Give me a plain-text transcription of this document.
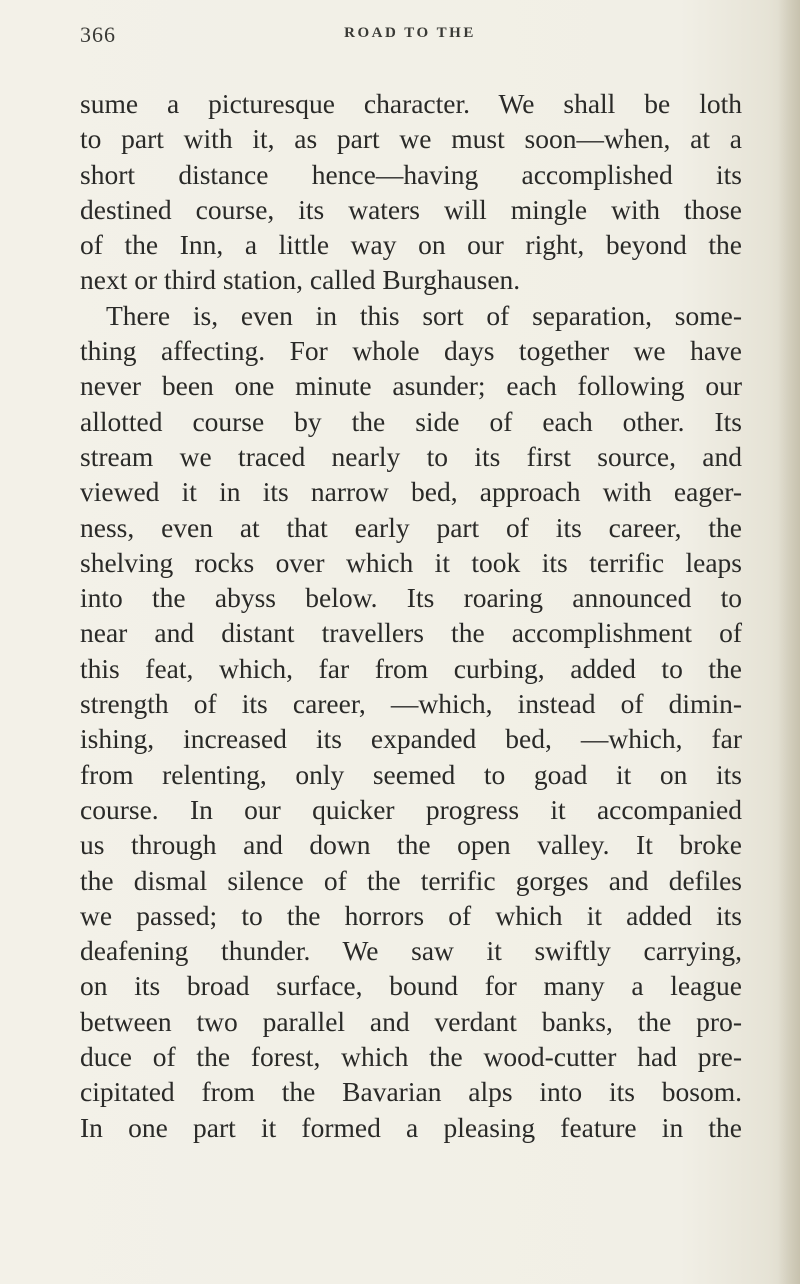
366	ROAD TO THE
sume a picturesque character. We shall be loth
to part with it, as part we must soon—when, at a
short distance hence—having accomplished its
destined course, its waters will mingle with those
of the Inn, a little way on our right, beyond the
next or third station, called Burghausen.
There is, even in this sort of separation, some-
thing affecting. For whole days together we have
never been one minute asunder; each following our
allotted course by the side of each other. Its
stream we traced nearly to its first source, and
viewed it in its narrow bed, approach with eager-
ness, even at that early part of its career, the
shelving rocks over which it took its terrific leaps
into the abyss below. Its roaring announced to
near and distant travellers the accomplishment of
this feat, which, far from curbing, added to the
strength of its career, —which, instead of dimin-
ishing, increased its expanded bed, —which, far
from relenting, only seemed to goad it on its
course. In our quicker progress it accompanied
us through and down the open valley. It broke
the dismal silence of the terrific gorges and defiles
we passed; to the horrors of which it added its
deafening thunder. We saw it swiftly carrying,
on its broad surface, bound for many a league
between two parallel and verdant banks, the pro-
duce of the forest, which the wood-cutter had pre-
cipitated from the Bavarian alps into its bosom.
In one part it formed a pleasing feature in the
